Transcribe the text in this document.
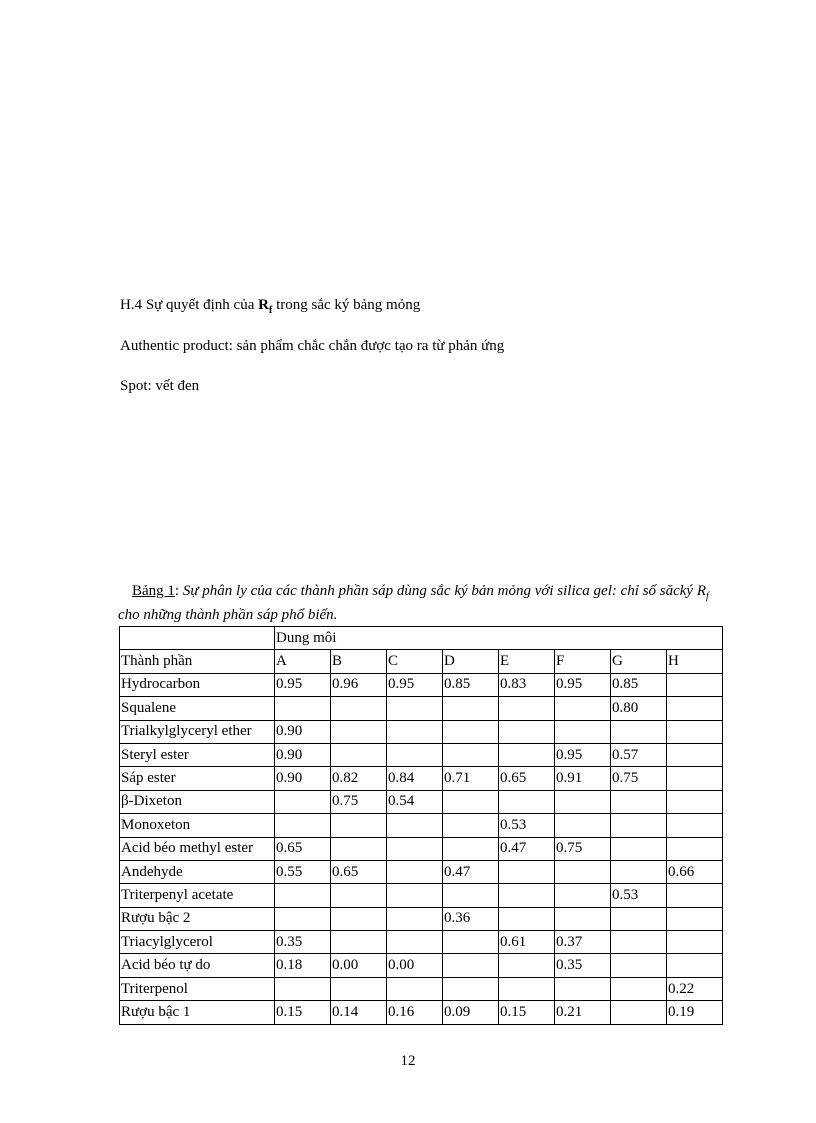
H.4 Sự quyết định của $R_f$ trong sắc ký bảng mỏng
Authentic product: sản phẩm chắc chắn được tạo ra từ phản ứng
Spot: vết đen
Bảng 1: Sự phân ly của các thành phần sáp dùng sắc ký bản mỏng với silica gel: chỉ số săcký $R_f$ cho những thành phần sáp phổ biến.
	Dung môi							
Thành phần	A	B	C	D	E	F	G	H
Hydrocarbon	0.95	0.96	0.95	0.85	0.83	0.95	0.85	
Squalene							0.80	
Trialkylglyceryl ether	0.90							
Steryl ester	0.90					0.95	0.57	
Sáp ester	0.90	0.82	0.84	0.71	0.65	0.91	0.75	
β-Dixeton		0.75	0.54					
Monoxeton					0.53			
Acid béo methyl ester	0.65				0.47	0.75		
Andehyde	0.55	0.65		0.47				0.66
Triterpenyl acetate							0.53	
Rượu bậc 2				0.36				
Triacylglycerol	0.35				0.61	0.37		
Acid béo tự do	0.18	0.00	0.00			0.35		
Triterpenol								0.22
Rượu bậc 1	0.15	0.14	0.16	0.09	0.15	0.21		0.19
12
